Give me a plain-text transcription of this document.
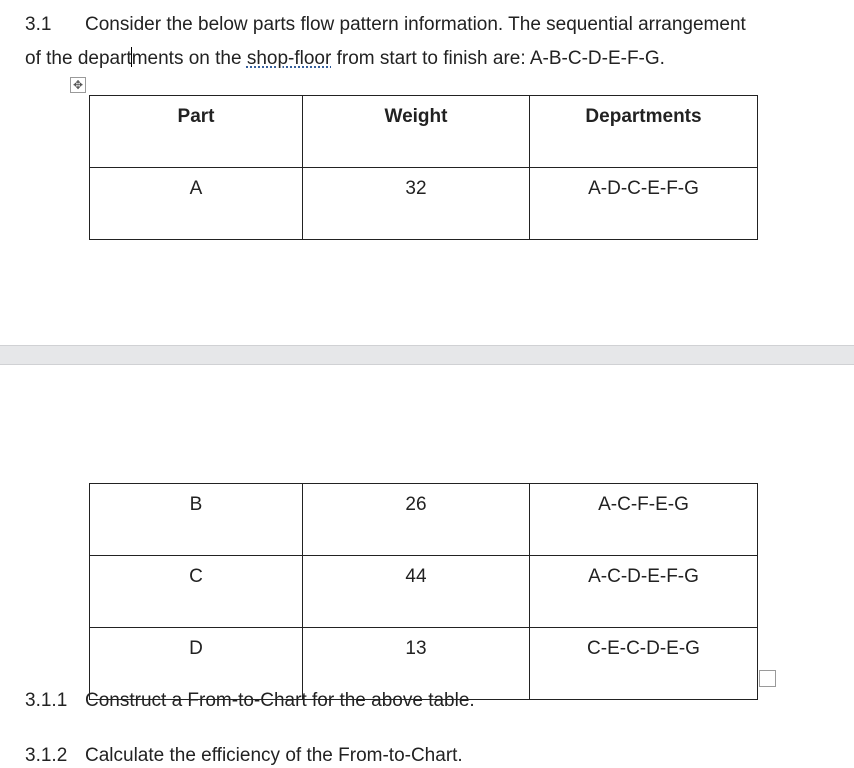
3.1 Consider the below parts flow pattern information. The sequential arrangement
of the departments on the shop-floor from start to finish are: A-B-C-D-E-F-G.
✥
Part	Weight	Departments
A	32	A-D-C-E-F-G
B	26	A-C-F-E-G
C	44	A-C-D-E-F-G
D	13	C-E-C-D-E-G
3.1.1 Construct a From-to-Chart for the above table.
3.1.2 Calculate the efficiency of the From-to-Chart.
